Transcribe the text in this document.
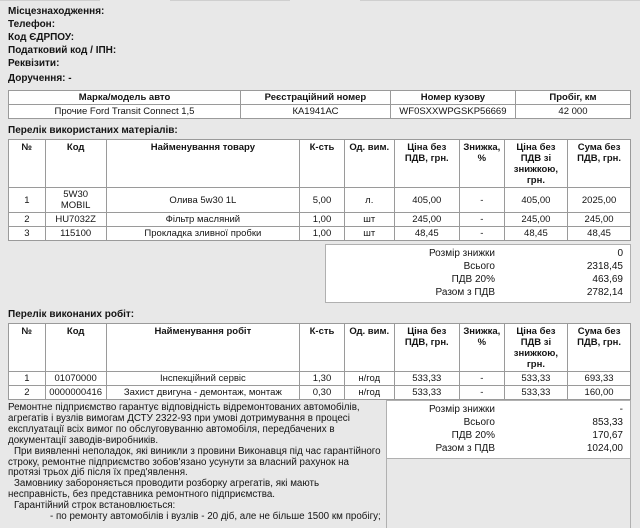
Місцезнаходження:
Телефон:
Код ЄДРПОУ:
Податковий код / ІПН:
Реквізити:
Доручення: -
Марка/модель авто	Реєстраційний номер	Номер кузову	Пробіг, км
Прочие Ford Transit Connect 1,5	КА1941АС	WF0SXXWPGSKP56669	42 000
Перелік використаних матеріалів:
№	Код	Найменування товару	К-сть	Од. вим.	Ціна без ПДВ, грн.	Знижка, %	Ціна без ПДВ зі знижкою, грн.	Сума без ПДВ, грн.
1	5W30 MOBIL	Олива 5w30 1L	5,00	л.	405,00	-	405,00	2025,00
2	HU7032Z	Фільтр масляний	1,00	шт	245,00	-	245,00	245,00
3	115100	Прокладка зливної пробки	1,00	шт	48,45	-	48,45	48,45
Розмір знижки	0
Всього	2318,45
ПДВ 20%	463,69
Разом з ПДВ	2782,14
Перелік виконаних робіт:
№	Код	Найменування робіт	К-сть	Од. вим.	Ціна без ПДВ, грн.	Знижка, %	Ціна без ПДВ зі знижкою, грн.	Сума без ПДВ, грн.
1	01070000	Інспекційний сервіс	1,30	н/год	533,33	-	533,33	693,33
2	0000000416	Захист двигуна - демонтаж, монтаж	0,30	н/год	533,33	-	533,33	160,00

Ремонтне підприємство гарантує відповідність відремонтованих автомобілів, агрегатів і вузлів вимогам ДСТУ 2322-93 при умові дотримування в процесі експлуатації всіх вимог по обслуговуванню автомобіля, передбачених в документації заводів-виробників.

При виявленні неполадок, які виникли з провини Виконавця під час гарантійного строку, ремонтне підприємство зобов'язано усунути за власний рахунок на протязі трьох діб після їх пред'явлення.

Замовнику забороняється проводити розборку агрегатів, які мають несправність, без представника ремонтного підприємства.

Гарантійний строк встановлюється:

- по ремонту автомобілів і вузлів - 20 діб, але не більше 1500 км пробігу;

Розмір знижки	-
Всього	853,33
ПДВ 20%	170,67
Разом з ПДВ	1024,00
